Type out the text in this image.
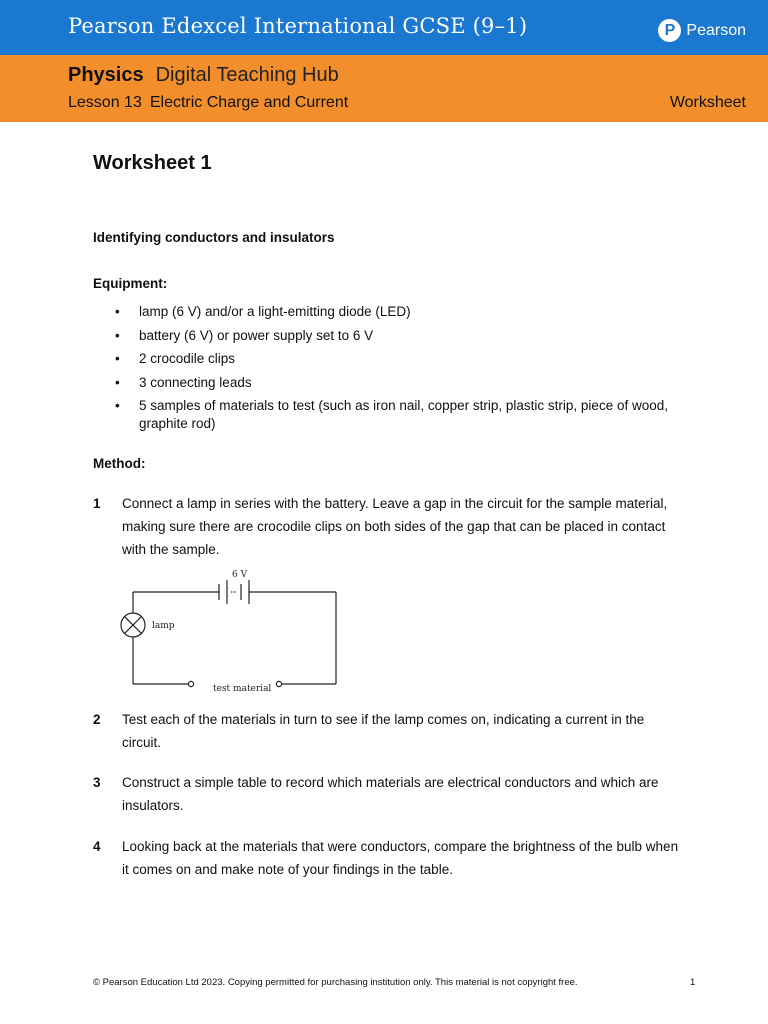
Pearson Edexcel International GCSE (9–1)	P Pearson
Physics Digital Teaching Hub
Lesson 13 Electric Charge and Current	Worksheet
Worksheet 1
Identifying conductors and insulators
Equipment:
• lamp (6 V) and/or a light-emitting diode (LED)
• battery (6 V) or power supply set to 6 V
• 2 crocodile clips
• 3 connecting leads
• 5 samples of materials to test (such as iron nail, copper strip, plastic strip, piece of wood, graphite rod)
Method:
1 Connect a lamp in series with the battery. Leave a gap in the circuit for the sample material, making sure there are crocodile clips on both sides of the gap that can be placed in contact with the sample.
6 V
lamp
test material
2 Test each of the materials in turn to see if the lamp comes on, indicating a current in the circuit.
3 Construct a simple table to record which materials are electrical conductors and which are insulators.
4 Looking back at the materials that were conductors, compare the brightness of the bulb when it comes on and make note of your findings in the table.
© Pearson Education Ltd 2023. Copying permitted for purchasing institution only. This material is not copyright free.	1
